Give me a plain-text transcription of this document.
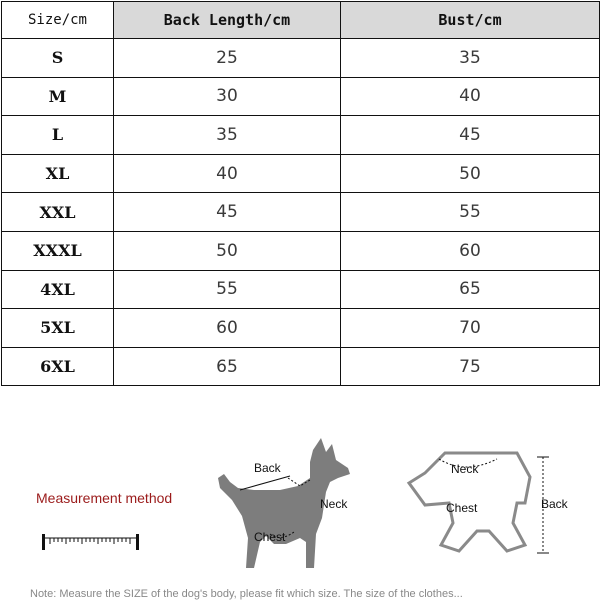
Size/cm	Back Length/cm	Bust/cm
S	25	35
M	30	40
L	35	45
XL	40	50
XXL	45	55
XXXL	50	60
4XL	55	65
5XL	60	70
6XL	65	75
Measurement method
Back
Neck
Chest
Neck
Chest	Back
Note: Measure the SIZE of the dog's body, please fit which size. The size of the clothes...
